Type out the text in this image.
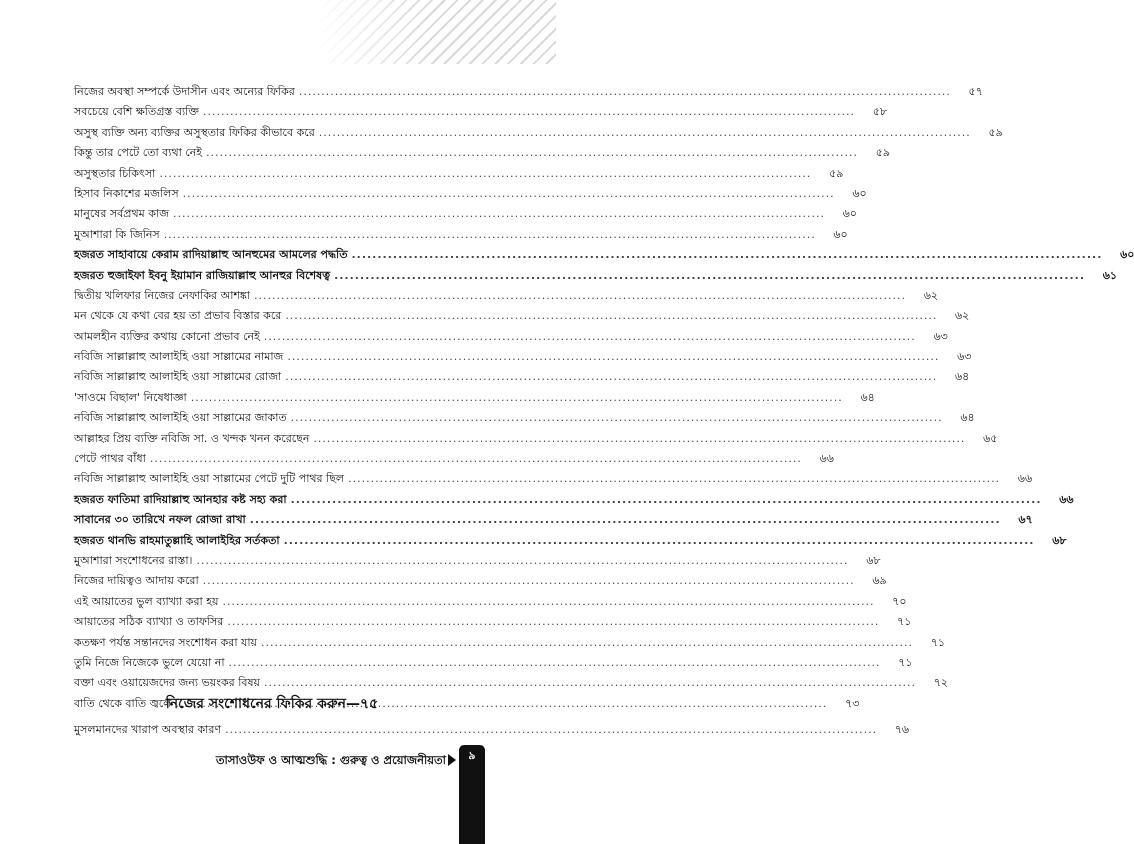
নিজের অবস্থা সম্পর্কে উদাসীন এবং অন্যের ফিকির .....	৫৭
সবচেয়ে বেশি ক্ষতিগ্রস্ত ব্যক্তি .....	৫৮
অসুস্থ ব্যক্তি অন্য ব্যক্তির অসুস্থতার ফিকির কীভাবে করে .....	৫৯
কিন্তু তার পেটে তো ব্যথা নেই .....	৫৯
অসুস্থতার চিকিৎসা .....	৫৯
হিসাব নিকাশের মজলিস .....	৬০
মানুষের সর্বপ্রথম কাজ .....	৬০
মুআশারা কি জিনিস .....	৬০
হজরত সাহাবায়ে কেরাম রাদিয়াল্লাহু আনহুমের আমলের পদ্ধতি .....	৬০
হজরত হুজাইফা ইবনু ইয়ামান রাজিয়াল্লাহু আনহুর বিশেষত্ব .....	৬১
দ্বিতীয় খলিফার নিজের নেফাকির আশঙ্কা .....	৬২
মন থেকে যে কথা বের হয় তা প্রভাব বিস্তার করে .....	৬২
আমলহীন ব্যক্তির কথায় কোনো প্রভাব নেই .....	৬৩
নবিজি সাল্লাল্লাহু আলাইহি ওয়া সাল্লামের নামাজ .....	৬৩
নবিজি সাল্লাল্লাহু আলাইহি ওয়া সাল্লামের রোজা .....	৬৪
'সাওমে বিছাল' নিষেধাজ্ঞা .....	৬৪
নবিজি সাল্লাল্লাহু আলাইহি ওয়া সাল্লামের জাকাত .....	৬৪
আল্লাহর প্রিয় ব্যক্তি নবিজি সা. ও খন্দক খনন করেছেন .....	৬৫
পেটে পাথর বাঁধা .....	৬৬
নবিজি সাল্লাল্লাহু আলাইহি ওয়া সাল্লামের পেটে দুটি পাথর ছিল .....	৬৬
হজরত ফাতিমা রাদিয়াল্লাহু আনহার কষ্ট সহ্য করা .....	৬৬
সাবানের ৩০ তারিখে নফল রোজা রাখা .....	৬৭
হজরত থানভি রাহমাতুল্লাহি আলাইহির সর্তকতা .....	৬৮
মুআশারা সংশোধনের রাস্তা। .....	৬৮
নিজের দায়িত্বও আদায় করো .....	৬৯
এই আয়াতের ভুল ব্যাখ্যা করা হয় .....	৭০
আয়াতের সঠিক ব্যাখ্যা ও তাফসির .....	৭১
কতক্ষণ পর্যন্ত সন্তানদের সংশোধন করা যায় .....	৭১
তুমি নিজে নিজেকে ভুলে যেয়ো না .....	৭১
বক্তা এবং ওয়ায়েজদের জন্য ভয়ংকর বিষয় .....	৭২
বাতি থেকে বাতি জ্বলে .....	৭৩
নিজের সংশোধনের ফিকির করুন—৭৫
মুসলমানদের খারাপ অবস্থার কারণ .....	৭৬
তাসাওউফ ও আত্মশুদ্ধি : গুরুত্ব ও প্রয়োজনীয়তা	৯
